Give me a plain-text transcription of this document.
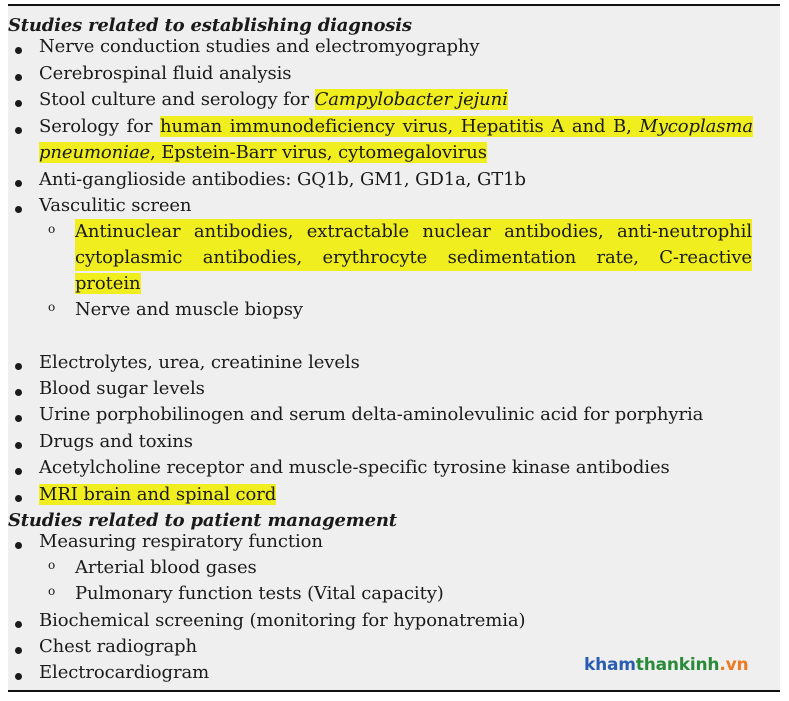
Studies related to establishing diagnosis
Nerve conduction studies and electromyography
Cerebrospinal fluid analysis
Stool culture and serology for Campylobacter jejuni
Serology for human immunodeficiency virus, Hepatitis A and B, Mycoplasma
pneumoniae, Epstein-Barr virus, cytomegalovirus
Anti-ganglioside antibodies: GQ1b, GM1, GD1a, GT1b
Vasculitic screen
o Antinuclear antibodies, extractable nuclear antibodies, anti-neutrophil
cytoplasmic antibodies, erythrocyte sedimentation rate, C-reactive
protein
o Nerve and muscle biopsy
Electrolytes, urea, creatinine levels
Blood sugar levels
Urine porphobilinogen and serum delta-aminolevulinic acid for porphyria
Drugs and toxins
Acetylcholine receptor and muscle-specific tyrosine kinase antibodies
MRI brain and spinal cord
Studies related to patient management
Measuring respiratory function
o Arterial blood gases
o Pulmonary function tests (Vital capacity)
Biochemical screening (monitoring for hyponatremia)
Chest radiograph
Electrocardiogram	khamthankinh.vn
